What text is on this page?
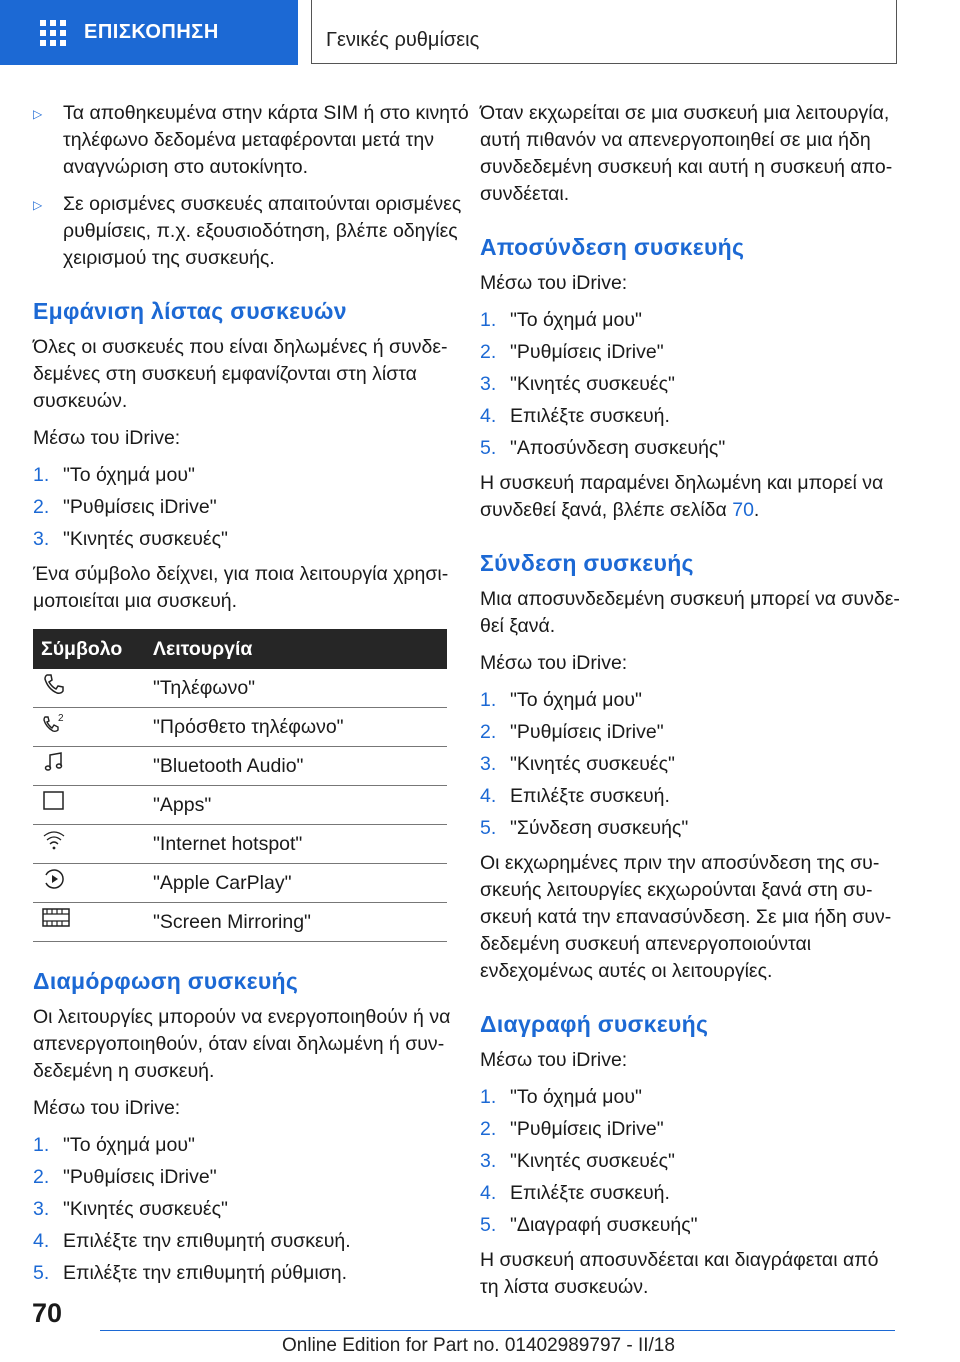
ΕΠΙΣΚΟΠΗΣΗ	Γενικές ρυθμίσεις
▷	Τα αποθηκευμένα στην κάρτα SIM ή στο κινητό τηλέφωνο δεδομένα μεταφέρονται μετά την αναγνώριση στο αυτοκίνητο.
▷	Σε ορισμένες συσκευές απαιτούνται ορισμένες ρυθμίσεις, π.χ. εξουσιοδότηση, βλέπε οδηγίες χειρισμού της συσκευής.
Εμφάνιση λίστας συσκευών

Όλες οι συσκευές που είναι δηλωμένες ή συνδεδεμένες στη συσκευή εμφανίζονται στη λίστα συσκευών.

Μέσω του iDrive:

1. "Το όχημά μου"
2. "Ρυθμίσεις iDrive"
3. "Κινητές συσκευές"

Ένα σύμβολο δείχνει, για ποια λειτουργία χρησιμοποιείται μια συσκευή.

Σύμβολο	Λειτουργία
	"Τηλέφωνο"

2	"Πρόσθετο τηλέφωνο"
	"Bluetooth Audio"
	"Apps"
	"Internet hotspot"
	"Apple CarPlay"
	"Screen Mirroring"
Διαμόρφωση συσκευής

Οι λειτουργίες μπορούν να ενεργοποιηθούν ή να απενεργοποιηθούν, όταν είναι δηλωμένη ή συνδεδεμένη η συσκευή.

Μέσω του iDrive:

1. "Το όχημά μου"
2. "Ρυθμίσεις iDrive"
3. "Κινητές συσκευές"
4. Επιλέξτε την επιθυμητή συσκευή.
5. Επιλέξτε την επιθυμητή ρύθμιση.

Όταν εκχωρείται σε μια συσκευή μια λειτουργία, αυτή πιθανόν να απενεργοποιηθεί σε μια ήδη συνδεδεμένη συσκευή και αυτή η συσκευή αποσυνδέεται.

Αποσύνδεση συσκευής

Μέσω του iDrive:

1. "Το όχημά μου"
2. "Ρυθμίσεις iDrive"
3. "Κινητές συσκευές"
4. Επιλέξτε συσκευή.
5. "Αποσύνδεση συσκευής"

Η συσκευή παραμένει δηλωμένη και μπορεί να συνδεθεί ξανά, βλέπε σελίδα 70.

Σύνδεση συσκευής

Μια αποσυνδεδεμένη συσκευή μπορεί να συνδεθεί ξανά.

Μέσω του iDrive:

1. "Το όχημά μου"
2. "Ρυθμίσεις iDrive"
3. "Κινητές συσκευές"
4. Επιλέξτε συσκευή.
5. "Σύνδεση συσκευής"

Οι εκχωρημένες πριν την αποσύνδεση της συσκευής λειτουργίες εκχωρούνται ξανά στη συσκευή κατά την επανασύνδεση. Σε μια ήδη συνδεδεμένη συσκευή απενεργοποιούνται ενδεχομένως αυτές οι λειτουργίες.

Διαγραφή συσκευής

Μέσω του iDrive:

1. "Το όχημά μου"
2. "Ρυθμίσεις iDrive"
3. "Κινητές συσκευές"
4. Επιλέξτε συσκευή.
5. "Διαγραφή συσκευής"

Η συσκευή αποσυνδέεται και διαγράφεται από τη λίστα συσκευών.

70
Online Edition for Part no. 01402989797 - II/18
